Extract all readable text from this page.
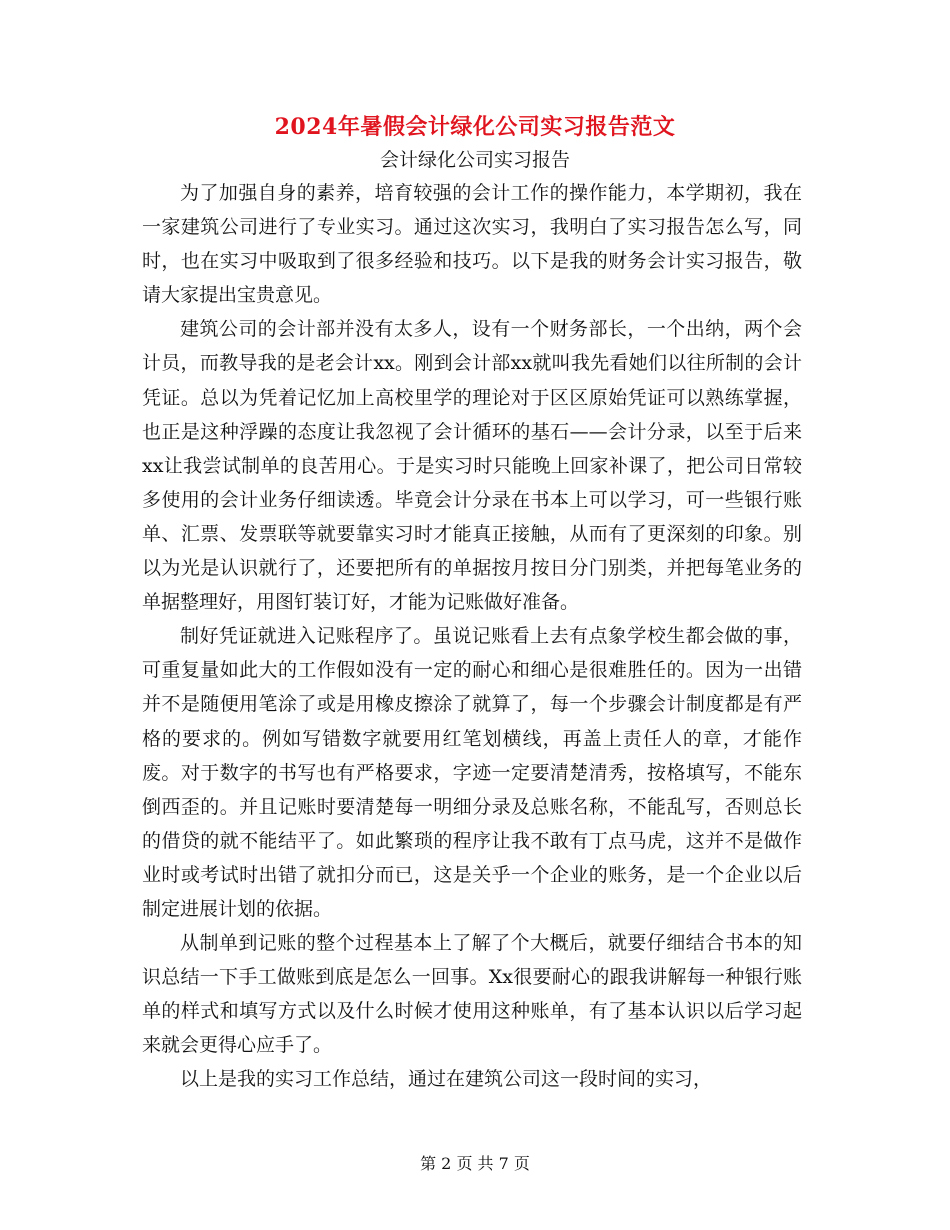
2024年暑假会计绿化公司实习报告范文
会计绿化公司实习报告

为了加强自身的素养，培育较强的会计工作的操作能力，本学期初，我在一家建筑公司进行了专业实习。通过这次实习，我明白了实习报告怎么写，同时，也在实习中吸取到了很多经验和技巧。以下是我的财务会计实习报告，敬请大家提出宝贵意见。

建筑公司的会计部并没有太多人，设有一个财务部长，一个出纳，两个会计员，而教导我的是老会计xx。刚到会计部xx就叫我先看她们以往所制的会计凭证。总以为凭着记忆加上高校里学的理论对于区区原始凭证可以熟练掌握，也正是这种浮躁的态度让我忽视了会计循环的基石——会计分录，以至于后来xx让我尝试制单的良苦用心。于是实习时只能晚上回家补课了，把公司日常较多使用的会计业务仔细读透。毕竟会计分录在书本上可以学习，可一些银行账单、汇票、发票联等就要靠实习时才能真正接触，从而有了更深刻的印象。别以为光是认识就行了，还要把所有的单据按月按日分门别类，并把每笔业务的单据整理好，用图钉装订好，才能为记账做好准备。

制好凭证就进入记账程序了。虽说记账看上去有点象学校生都会做的事，可重复量如此大的工作假如没有一定的耐心和细心是很难胜任的。因为一出错并不是随便用笔涂了或是用橡皮擦涂了就算了，每一个步骤会计制度都是有严格的要求的。例如写错数字就要用红笔划横线，再盖上责任人的章，才能作废。对于数字的书写也有严格要求，字迹一定要清楚清秀，按格填写，不能东倒西歪的。并且记账时要清楚每一明细分录及总账名称，不能乱写，否则总长的借贷的就不能结平了。如此繁琐的程序让我不敢有丁点马虎，这并不是做作业时或考试时出错了就扣分而已，这是关乎一个企业的账务，是一个企业以后制定进展计划的依据。

从制单到记账的整个过程基本上了解了个大概后，就要仔细结合书本的知识总结一下手工做账到底是怎么一回事。Xx很要耐心的跟我讲解每一种银行账单的样式和填写方式以及什么时候才使用这种账单，有了基本认识以后学习起来就会更得心应手了。

以上是我的实习工作总结，通过在建筑公司这一段时间的实习，

第 2 页 共 7 页
